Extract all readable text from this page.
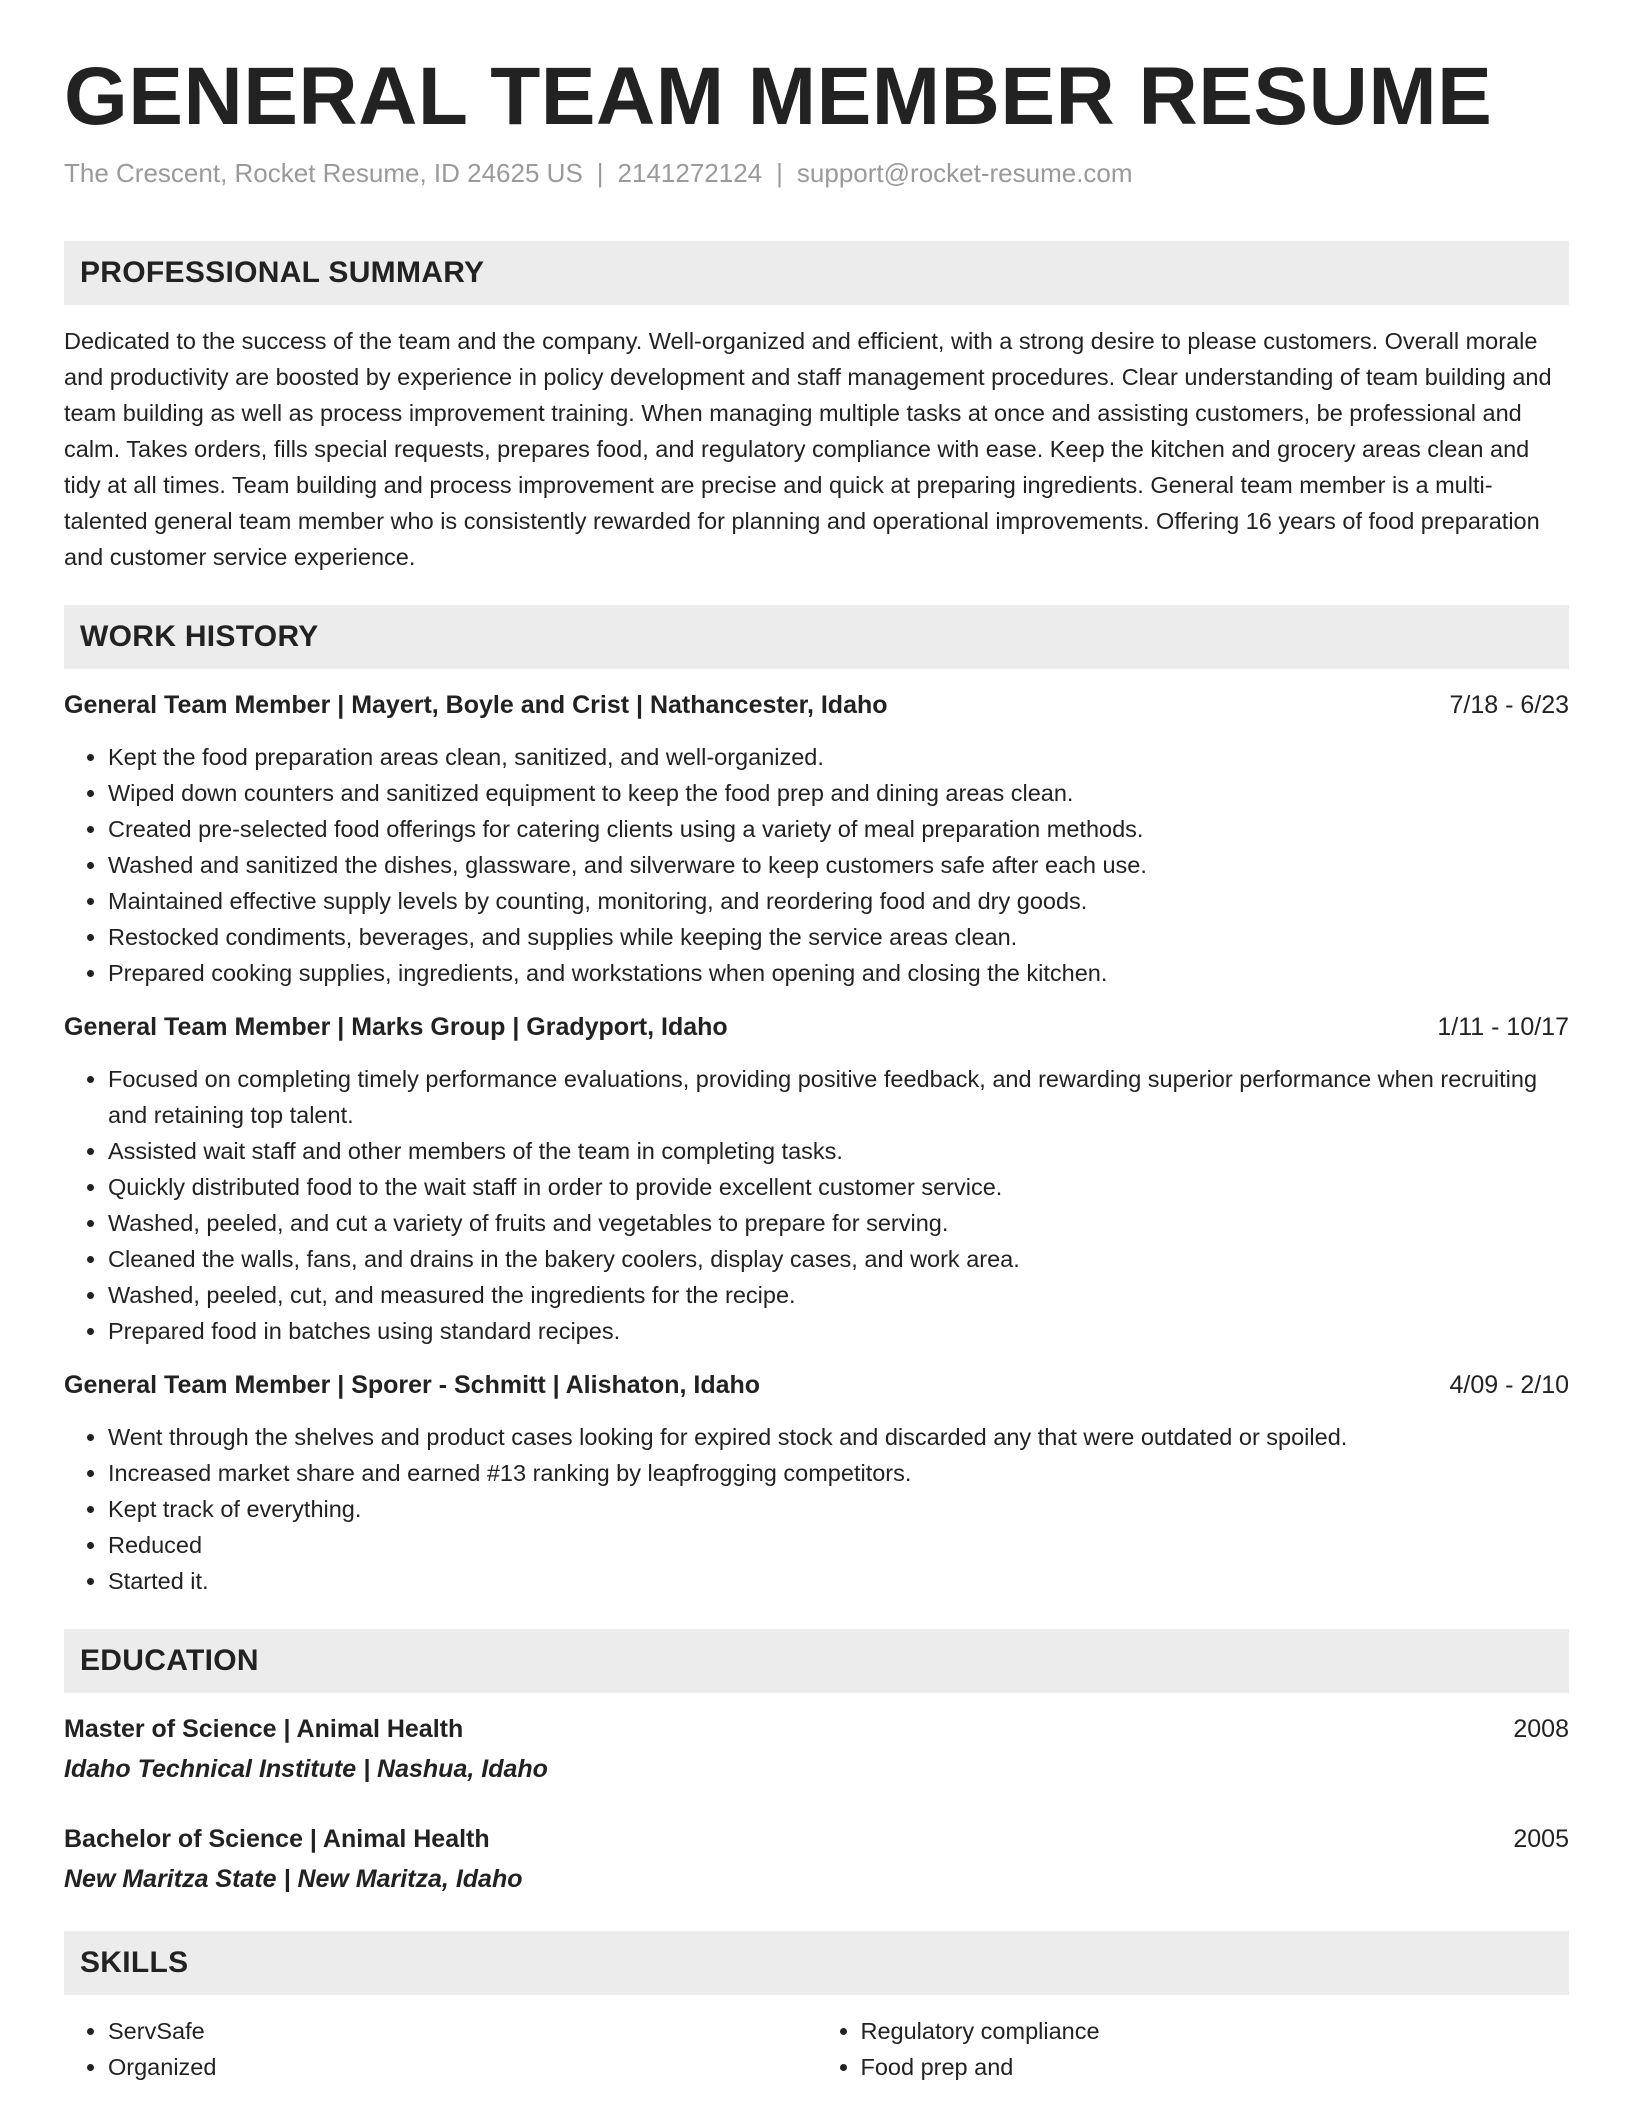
GENERAL TEAM MEMBER RESUME
The Crescent, Rocket Resume, ID 24625 US | 2141272124 | support@rocket-resume.com
PROFESSIONAL SUMMARY

Dedicated to the success of the team and the company. Well-organized and efficient, with a strong desire to please customers. Overall morale and productivity are boosted by experience in policy development and staff management procedures. Clear understanding of team building and team building as well as process improvement training. When managing multiple tasks at once and assisting customers, be professional and calm. Takes orders, fills special requests, prepares food, and regulatory compliance with ease. Keep the kitchen and grocery areas clean and tidy at all times. Team building and process improvement are precise and quick at preparing ingredients. General team member is a multi-talented general team member who is consistently rewarded for planning and operational improvements. Offering 16 years of food preparation and customer service experience.

WORK HISTORY
General Team Member | Mayert, Boyle and Crist | Nathancester, Idaho	7/18 - 6/23
• Kept the food preparation areas clean, sanitized, and well-organized.
• Wiped down counters and sanitized equipment to keep the food prep and dining areas clean.
• Created pre-selected food offerings for catering clients using a variety of meal preparation methods.
• Washed and sanitized the dishes, glassware, and silverware to keep customers safe after each use.
• Maintained effective supply levels by counting, monitoring, and reordering food and dry goods.
• Restocked condiments, beverages, and supplies while keeping the service areas clean.
• Prepared cooking supplies, ingredients, and workstations when opening and closing the kitchen.
General Team Member | Marks Group | Gradyport, Idaho	1/11 - 10/17
• Focused on completing timely performance evaluations, providing positive feedback, and rewarding superior performance when recruiting and retaining top talent.
• Assisted wait staff and other members of the team in completing tasks.
• Quickly distributed food to the wait staff in order to provide excellent customer service.
• Washed, peeled, and cut a variety of fruits and vegetables to prepare for serving.
• Cleaned the walls, fans, and drains in the bakery coolers, display cases, and work area.
• Washed, peeled, cut, and measured the ingredients for the recipe.
• Prepared food in batches using standard recipes.
General Team Member | Sporer - Schmitt | Alishaton, Idaho	4/09 - 2/10
• Went through the shelves and product cases looking for expired stock and discarded any that were outdated or spoiled.
• Increased market share and earned #13 ranking by leapfrogging competitors.
• Kept track of everything.
• Reduced
• Started it.
EDUCATION
Master of Science | Animal Health	2008
Idaho Technical Institute | Nashua, Idaho
Bachelor of Science | Animal Health	2005
New Maritza State | New Maritza, Idaho
SKILLS
• ServSafe
• Organized
• Regulatory compliance
• Food prep and
